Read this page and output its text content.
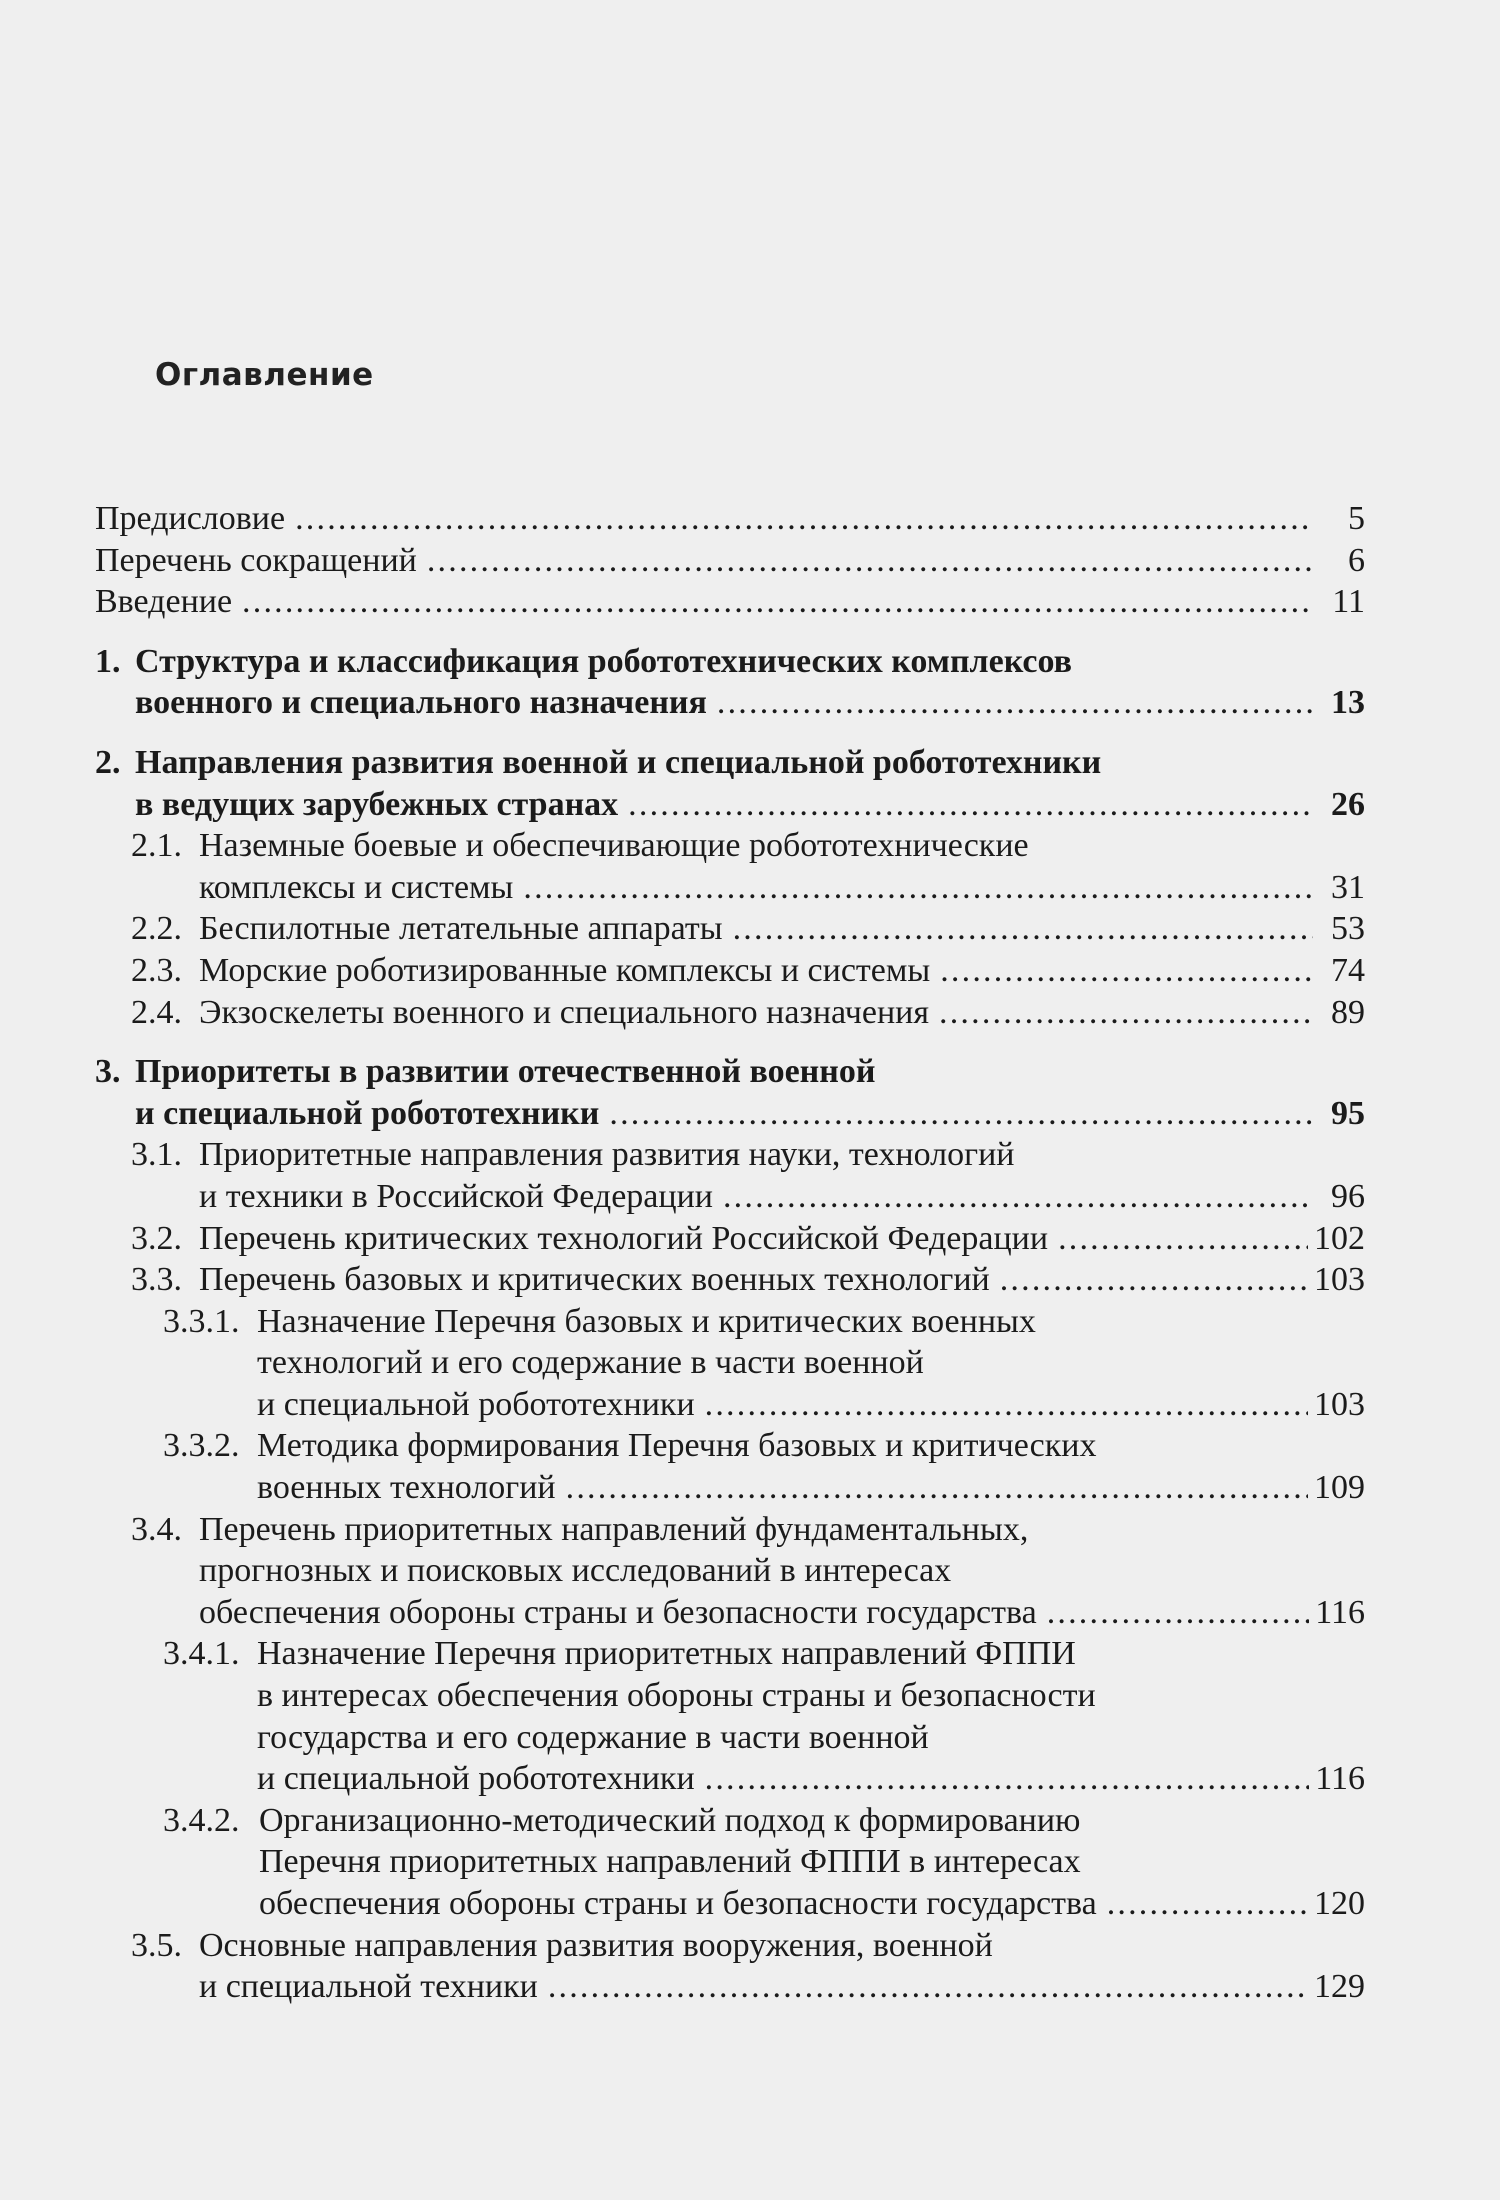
Оглавление
Предисловие .....	5
Перечень сокращений .....	6
Введение .....	11
1. Структура и классификация робототехнических комплексов
военного и специального назначения .....	13
2. Направления развития военной и специальной робототехники
в ведущих зарубежных странах .....	26
2.1. Наземные боевые и обеспечивающие робототехнические
комплексы и системы .....	31
2.2. Беспилотные летательные аппараты .....	53
2.3. Морские роботизированные комплексы и системы .....	74
2.4. Экзоскелеты военного и специального назначения .....	89
3. Приоритеты в развитии отечественной военной
и специальной робототехники .....	95
3.1. Приоритетные направления развития науки, технологий
и техники в Российской Федерации .....	96
3.2. Перечень критических технологий Российской Федерации .....	102
3.3. Перечень базовых и критических военных технологий .....	103
3.3.1. Назначение Перечня базовых и критических военных
технологий и его содержание в части военной
и специальной робототехники .....	103
3.3.2. Методика формирования Перечня базовых и критических
военных технологий .....	109
3.4. Перечень приоритетных направлений фундаментальных,
прогнозных и поисковых исследований в интересах
обеспечения обороны страны и безопасности государства .....	116
3.4.1. Назначение Перечня приоритетных направлений ФППИ
в интересах обеспечения обороны страны и безопасности
государства и его содержание в части военной
и специальной робототехники .....	116
3.4.2. Организационно-методический подход к формированию
Перечня приоритетных направлений ФППИ в интересах
обеспечения обороны страны и безопасности государства .....	120
3.5. Основные направления развития вооружения, военной
и специальной техники .....	129
